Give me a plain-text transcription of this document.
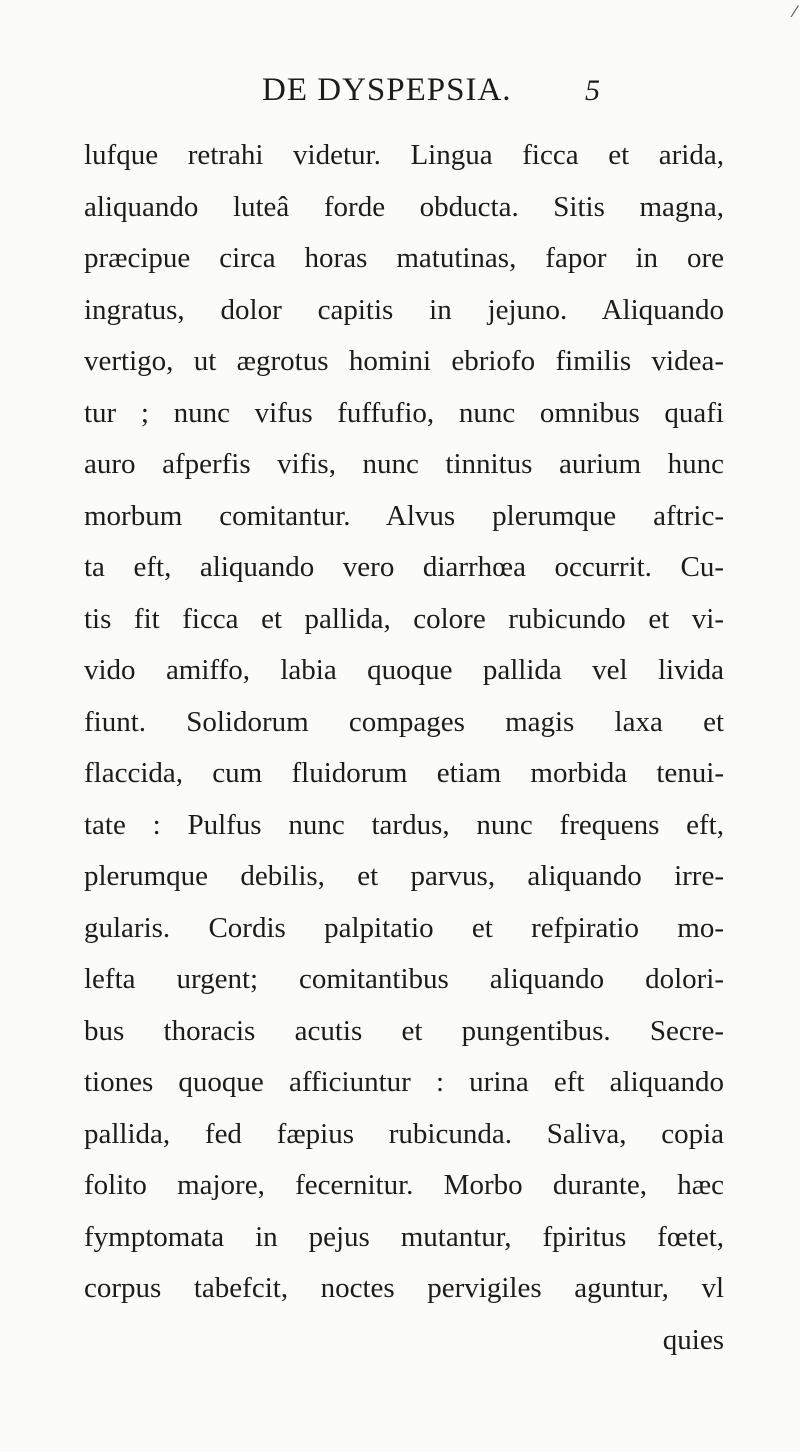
⁄
DE DYSPEPSIA. 5
lufque retrahi videtur. Lingua ficca et arida,
aliquando luteâ forde obducta. Sitis magna,
præcipue circa horas matutinas, fapor in ore
ingratus, dolor capitis in jejuno. Aliquando
vertigo, ut ægrotus homini ebriofo fimilis videa-
tur ; nunc vifus fuffufio, nunc omnibus quafi
auro afperfis vifis, nunc tinnitus aurium hunc
morbum comitantur. Alvus plerumque aftric-
ta eft, aliquando vero diarrhœa occurrit. Cu-
tis fit ficca et pallida, colore rubicundo et vi-
vido amiffo, labia quoque pallida vel livida
fiunt. Solidorum compages magis laxa et
flaccida, cum fluidorum etiam morbida tenui-
tate : Pulfus nunc tardus, nunc frequens eft,
plerumque debilis, et parvus, aliquando irre-
gularis. Cordis palpitatio et refpiratio mo-
lefta urgent; comitantibus aliquando dolori-
bus thoracis acutis et pungentibus. Secre-
tiones quoque afficiuntur : urina eft aliquando
pallida, fed fæpius rubicunda. Saliva, copia
folito majore, fecernitur. Morbo durante, hæc
fymptomata in pejus mutantur, fpiritus fœtet,
corpus tabefcit, noctes pervigiles aguntur, vl
quies
